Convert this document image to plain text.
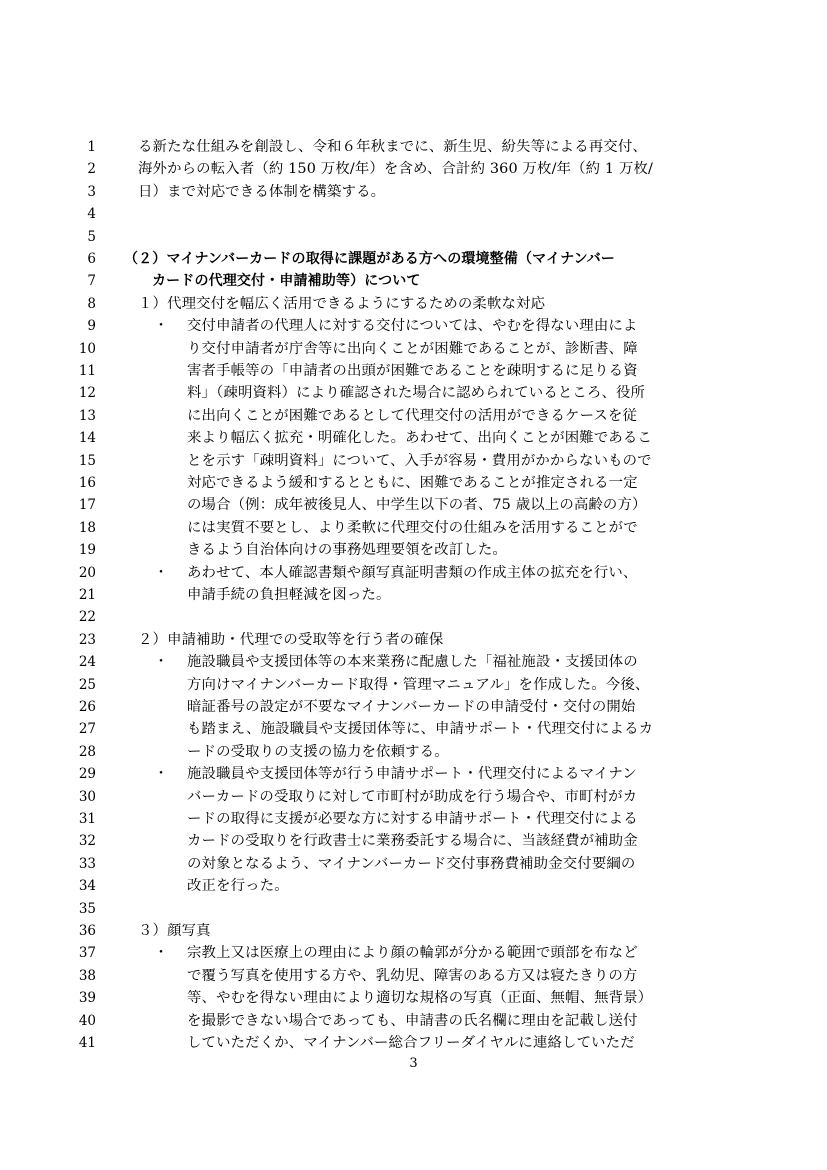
1	る新たな仕組みを創設し、令和６年秋までに、新生児、紛失等による再交付、
2	海外からの転入者（約 150 万枚/年）を含め、合計約 360 万枚/年（約 1 万枚/
3	日）まで対応できる体制を構築する。
4
5
6 （２）マイナンバーカードの取得に課題がある方への環境整備（マイナンバー
7	カードの代理交付・申請補助等）について
8	１）代理交付を幅広く活用できるようにするための柔軟な対応
9	・ 交付申請者の代理人に対する交付については、やむを得ない理由によ
10	り交付申請者が庁舎等に出向くことが困難であることが、診断書、障
11	害者手帳等の「申請者の出頭が困難であることを疎明するに足りる資
12	料」（疎明資料）により確認された場合に認められているところ、役所
13	に出向くことが困難であるとして代理交付の活用ができるケースを従
14	来より幅広く拡充・明確化した。あわせて、出向くことが困難であるこ
15	とを示す「疎明資料」について、入手が容易・費用がかからないもので
16	対応できるよう緩和するとともに、困難であることが推定される一定
17	の場合（例：成年被後見人、中学生以下の者、75 歳以上の高齢の方）
18	には実質不要とし、より柔軟に代理交付の仕組みを活用することがで
19	きるよう自治体向けの事務処理要領を改訂した。
20	・ あわせて、本人確認書類や顔写真証明書類の作成主体の拡充を行い、
21	申請手続の負担軽減を図った。
22
23	２）申請補助・代理での受取等を行う者の確保
24	・ 施設職員や支援団体等の本来業務に配慮した「福祉施設・支援団体の
25	方向けマイナンバーカード取得・管理マニュアル」を作成した。今後、
26	暗証番号の設定が不要なマイナンバーカードの申請受付・交付の開始
27	も踏まえ、施設職員や支援団体等に、申請サポート・代理交付によるカ
28	ードの受取りの支援の協力を依頼する。
29	・ 施設職員や支援団体等が行う申請サポート・代理交付によるマイナン
30	バーカードの受取りに対して市町村が助成を行う場合や、市町村がカ
31	ードの取得に支援が必要な方に対する申請サポート・代理交付による
32	カードの受取りを行政書士に業務委託する場合に、当該経費が補助金
33	の対象となるよう、マイナンバーカード交付事務費補助金交付要綱の
34	改正を行った。
35
36	３）顔写真
37	・ 宗教上又は医療上の理由により顔の輪郭が分かる範囲で頭部を布など
38	で覆う写真を使用する方や、乳幼児、障害のある方又は寝たきりの方
39	等、やむを得ない理由により適切な規格の写真（正面、無帽、無背景）
40	を撮影できない場合であっても、申請書の氏名欄に理由を記載し送付
41	していただくか、マイナンバー総合フリーダイヤルに連絡していただ
3
